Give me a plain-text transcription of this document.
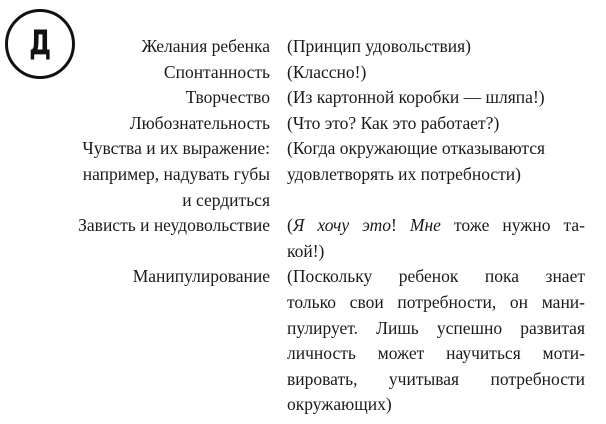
Д	Желания ребенка (Принцип удовольствия)
Спонтанность (Классно!)
Творчество (Из картонной коробки — шляпа!)
Любознательность (Что это? Как это работает?)
Чувства и их выражение:
например, надувать губы
и сердиться
(Когда окружающие отказываются
удовлетворять их потребности)
Зависть и неудовольствие (Я хочу это! Мне тоже нужно та-
кой!)
Манипулирование (Поскольку ребенок пока знает
только свои потребности, он мани-
пулирует. Лишь успешно развитая
личность может научиться моти-
вировать, учитывая потребности
окружающих)
